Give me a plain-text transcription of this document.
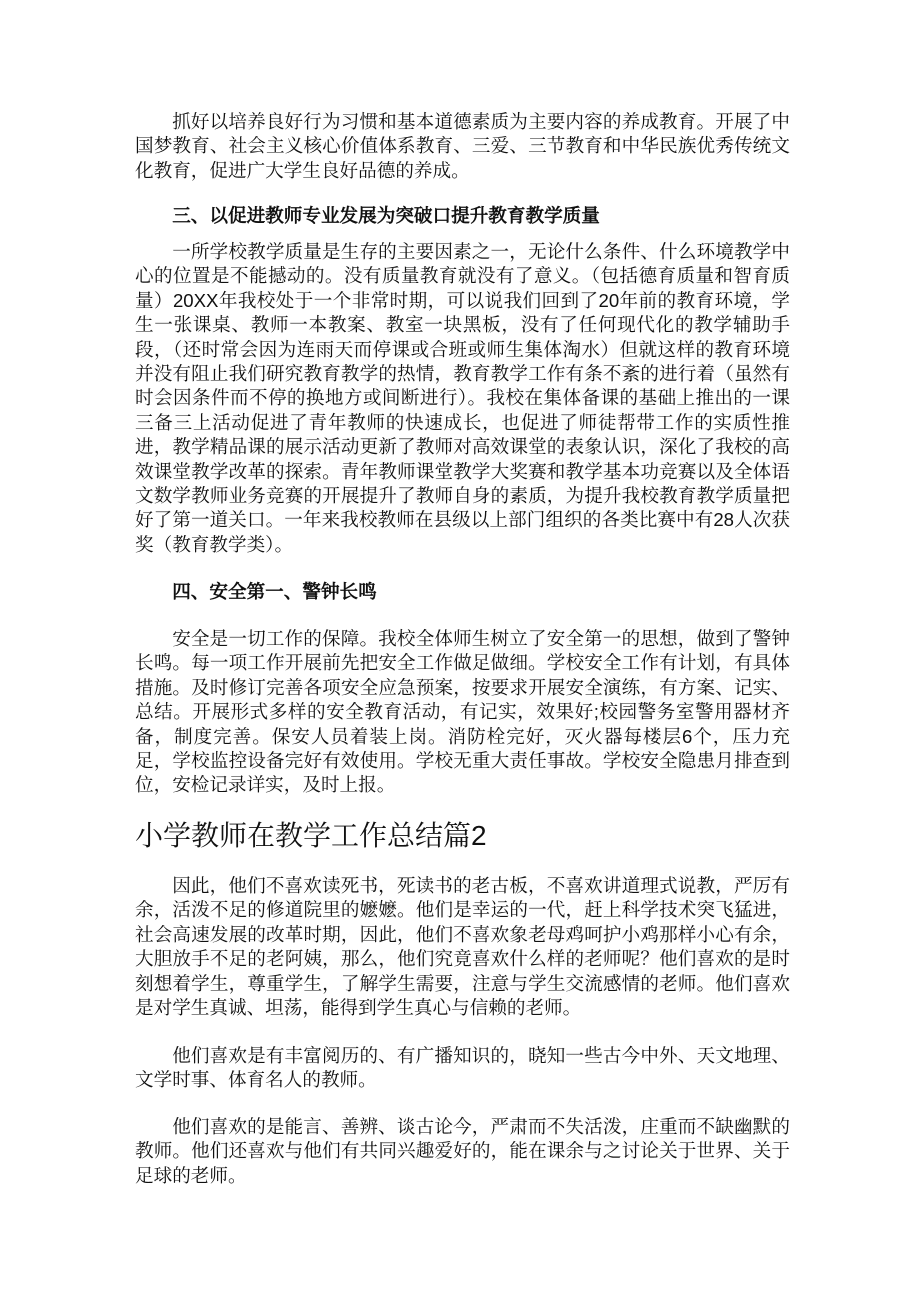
抓好以培养良好行为习惯和基本道德素质为主要内容的养成教育。开展了中国梦教育、社会主义核心价值体系教育、三爱、三节教育和中华民族优秀传统文化教育，促进广大学生良好品德的养成。

三、以促进教师专业发展为突破口提升教育教学质量

一所学校教学质量是生存的主要因素之一，无论什么条件、什么环境教学中心的位置是不能撼动的。没有质量教育就没有了意义。（包括德育质量和智育质量）20XX年我校处于一个非常时期，可以说我们回到了20年前的教育环境，学生一张课桌、教师一本教案、教室一块黑板，没有了任何现代化的教学辅助手段，（还时常会因为连雨天而停课或合班或师生集体淘水）但就这样的教育环境并没有阻止我们研究教育教学的热情，教育教学工作有条不紊的进行着（虽然有时会因条件而不停的换地方或间断进行）。我校在集体备课的基础上推出的一课三备三上活动促进了青年教师的快速成长，也促进了师徒帮带工作的实质性推进，教学精品课的展示活动更新了教师对高效课堂的表象认识，深化了我校的高效课堂教学改革的探索。青年教师课堂教学大奖赛和教学基本功竞赛以及全体语文数学教师业务竞赛的开展提升了教师自身的素质，为提升我校教育教学质量把好了第一道关口。一年来我校教师在县级以上部门组织的各类比赛中有28人次获奖（教育教学类）。

四、安全第一、警钟长鸣

安全是一切工作的保障。我校全体师生树立了安全第一的思想，做到了警钟长鸣。每一项工作开展前先把安全工作做足做细。学校安全工作有计划，有具体措施。及时修订完善各项安全应急预案，按要求开展安全演练，有方案、记实、总结。开展形式多样的安全教育活动，有记实，效果好;校园警务室警用器材齐备，制度完善。保安人员着装上岗。消防栓完好，灭火器每楼层6个，压力充足，学校监控设备完好有效使用。学校无重大责任事故。学校安全隐患月排查到位，安检记录详实，及时上报。

小学教师在教学工作总结篇2

因此，他们不喜欢读死书，死读书的老古板，不喜欢讲道理式说教，严厉有余，活泼不足的修道院里的嬷嬷。他们是幸运的一代，赶上科学技术突飞猛进，社会高速发展的改革时期，因此，他们不喜欢象老母鸡呵护小鸡那样小心有余，大胆放手不足的老阿姨，那么，他们究竟喜欢什么样的老师呢？他们喜欢的是时刻想着学生，尊重学生，了解学生需要，注意与学生交流感情的老师。他们喜欢是对学生真诚、坦荡，能得到学生真心与信赖的老师。

他们喜欢是有丰富阅历的、有广播知识的，晓知一些古今中外、天文地理、文学时事、体育名人的教师。

他们喜欢的是能言、善辨、谈古论今，严肃而不失活泼，庄重而不缺幽默的教师。他们还喜欢与他们有共同兴趣爱好的，能在课余与之讨论关于世界、关于足球的老师。
